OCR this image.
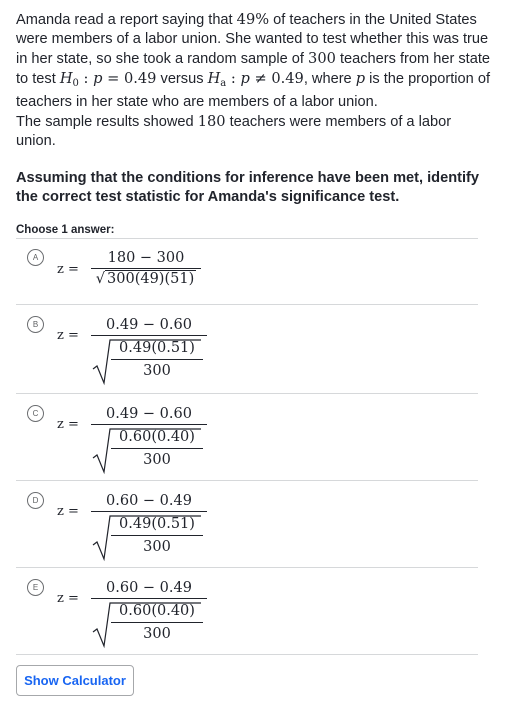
Amanda read a report saying that 49% of teachers in the United States were members of a labor union. She wanted to test whether this was true in her state, so she took a random sample of 300 teachers from her state to test $H_0$ : p = 0.49 versus $H_a$ : p ≠ 0.49, where p is the proportion of teachers in her state who are members of a labor union.

The sample results showed 180 teachers were members of a labor union.

Assuming that the conditions for inference have been met, identify the correct test statistic for Amanda's significance test.
Choose 1 answer:
A
z =
180 − 300
√ 300(49)(51)
B
z =
0.49 − 0.60
0.49(0.51)
300
C
z =
0.49 − 0.60
0.60(0.40)
300
D
z =
0.60 − 0.49
0.49(0.51)
300
E
z =
0.60 − 0.49
0.60(0.40)
300
Show Calculator
